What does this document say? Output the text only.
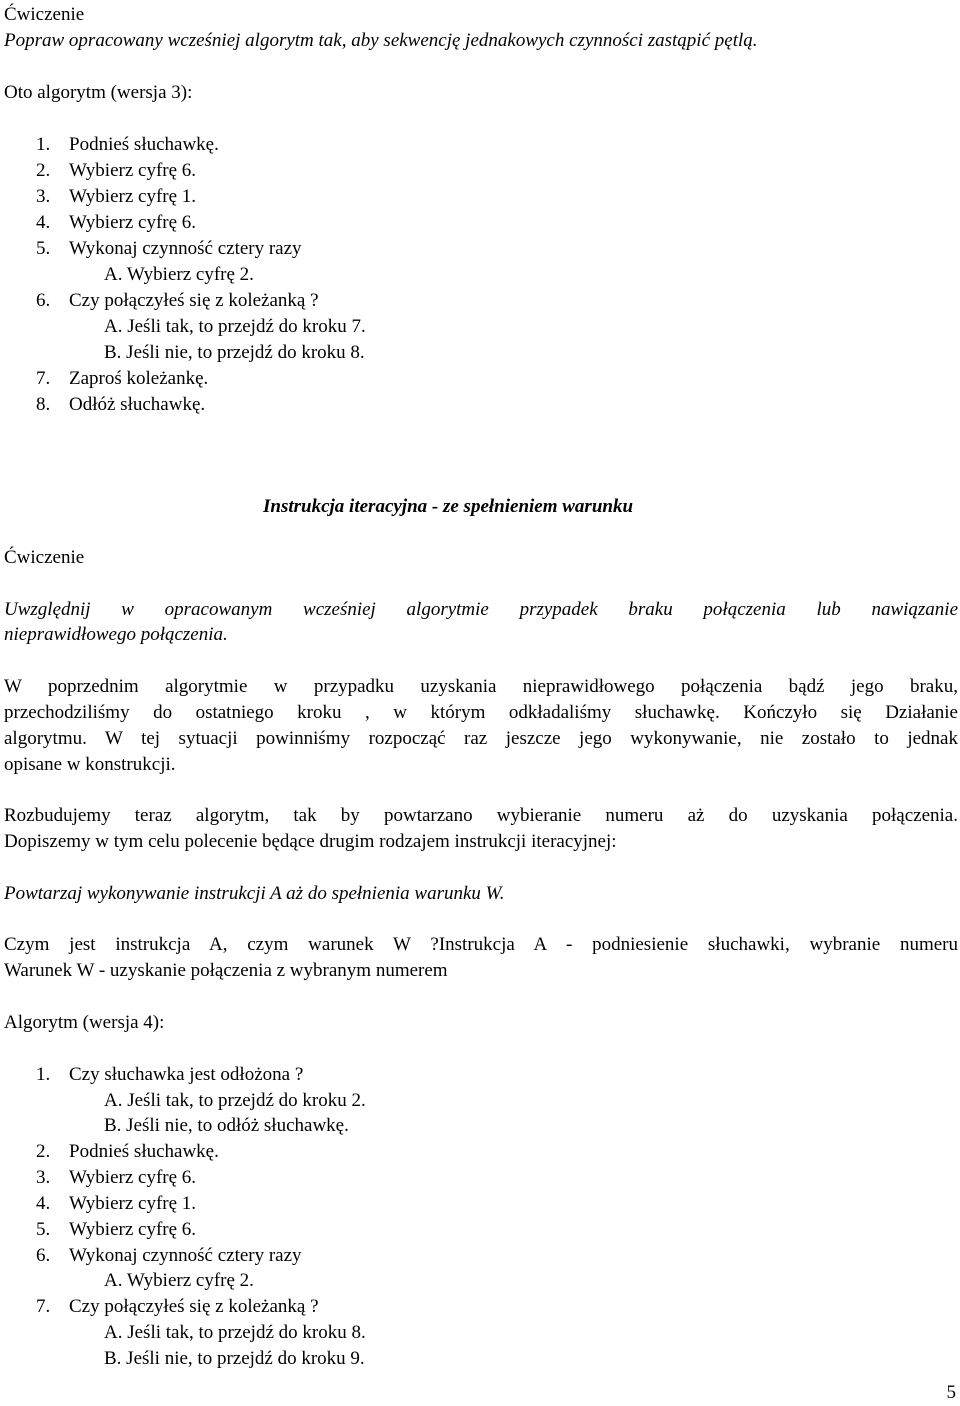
Ćwiczenie
Popraw opracowany wcześniej algorytm tak, aby sekwencję jednakowych czynności zastąpić pętlą.
Oto algorytm (wersja 3):
1. Podnieś słuchawkę.
2. Wybierz cyfrę 6.
3. Wybierz cyfrę 1.
4. Wybierz cyfrę 6.
5. Wykonaj czynność cztery razy
A. Wybierz cyfrę 2.
6. Czy połączyłeś się z koleżanką ?
A. Jeśli tak, to przejdź do kroku 7.
B. Jeśli nie, to przejdź do kroku 8.
7. Zaproś koleżankę.
8. Odłóż słuchawkę.
Instrukcja iteracyjna - ze spełnieniem warunku
Ćwiczenie
Uwzględnij w opracowanym wcześniej algorytmie przypadek braku połączenia lub nawiązanie
nieprawidłowego połączenia.
W poprzednim algorytmie w przypadku uzyskania nieprawidłowego połączenia bądź jego braku,
przechodziliśmy do ostatniego kroku , w którym odkładaliśmy słuchawkę. Kończyło się Działanie
algorytmu. W tej sytuacji powinniśmy rozpocząć raz jeszcze jego wykonywanie, nie zostało to jednak
opisane w konstrukcji.
Rozbudujemy teraz algorytm, tak by powtarzano wybieranie numeru aż do uzyskania połączenia.
Dopiszemy w tym celu polecenie będące drugim rodzajem instrukcji iteracyjnej:
Powtarzaj wykonywanie instrukcji A aż do spełnienia warunku W.
Czym jest instrukcja A, czym warunek W ?Instrukcja A - podniesienie słuchawki, wybranie numeru
Warunek W - uzyskanie połączenia z wybranym numerem
Algorytm (wersja 4):
1. Czy słuchawka jest odłożona ?
A. Jeśli tak, to przejdź do kroku 2.
B. Jeśli nie, to odłóż słuchawkę.
2. Podnieś słuchawkę.
3. Wybierz cyfrę 6.
4. Wybierz cyfrę 1.
5. Wybierz cyfrę 6.
6. Wykonaj czynność cztery razy
A. Wybierz cyfrę 2.
7. Czy połączyłeś się z koleżanką ?
A. Jeśli tak, to przejdź do kroku 8.
B. Jeśli nie, to przejdź do kroku 9.
5
